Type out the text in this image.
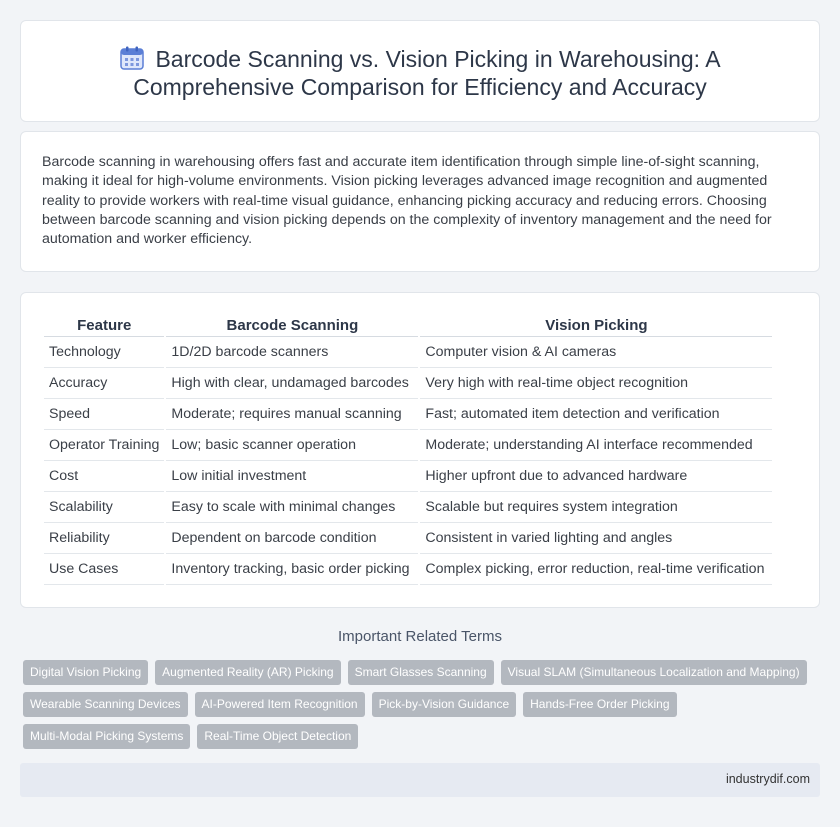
Barcode Scanning vs. Vision Picking in Warehousing: A Comprehensive Comparison for Efficiency and Accuracy

Barcode scanning in warehousing offers fast and accurate item identification through simple line-of-sight scanning, making it ideal for high-volume environments. Vision picking leverages advanced image recognition and augmented reality to provide workers with real-time visual guidance, enhancing picking accuracy and reducing errors. Choosing between barcode scanning and vision picking depends on the complexity of inventory management and the need for automation and worker efficiency.

Feature	Barcode Scanning	Vision Picking
Technology	1D/2D barcode scanners	Computer vision & AI cameras
Accuracy	High with clear, undamaged barcodes	Very high with real-time object recognition
Speed	Moderate; requires manual scanning	Fast; automated item detection and verification
Operator Training	Low; basic scanner operation	Moderate; understanding AI interface recommended
Cost	Low initial investment	Higher upfront due to advanced hardware
Scalability	Easy to scale with minimal changes	Scalable but requires system integration
Reliability	Dependent on barcode condition	Consistent in varied lighting and angles
Use Cases	Inventory tracking, basic order picking	Complex picking, error reduction, real-time verification
Important Related Terms
Digital Vision Picking	Augmented Reality (AR) Picking	Smart Glasses Scanning	Visual SLAM (Simultaneous Localization and Mapping)
Wearable Scanning Devices	AI-Powered Item Recognition	Pick-by-Vision Guidance	Hands-Free Order Picking
Multi-Modal Picking Systems	Real-Time Object Detection
industrydif.com
